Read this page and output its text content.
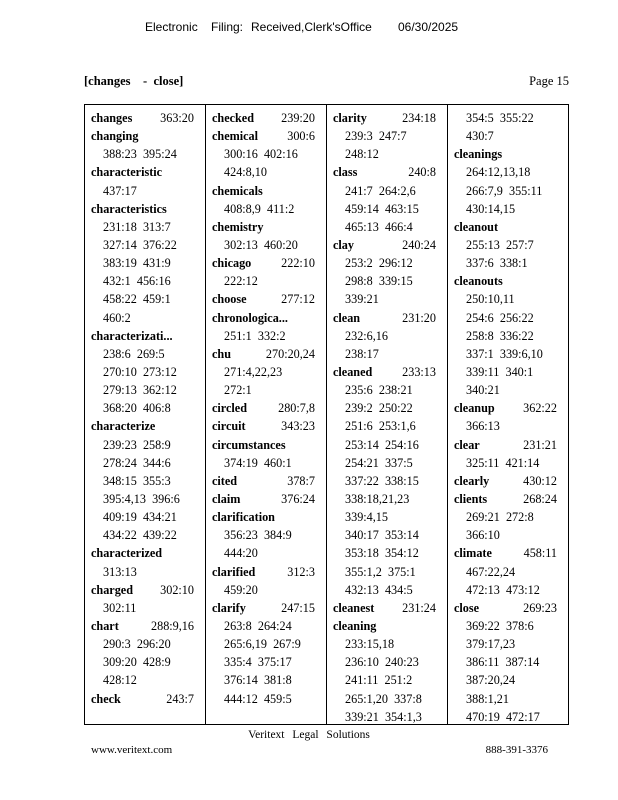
Electronic Filing: Received,Clerk'sOffice 06/30/2025
[changes    -  close]	Page 15
changes 363:20
changing
388:23  395:24
characteristic
437:17
characteristics
231:18  313:7
327:14  376:22
383:19  431:9
432:1  456:16
458:22  459:1
460:2
characterizati...
238:6  269:5
270:10  273:12
279:13  362:12
368:20  406:8
characterize
239:23  258:9
278:24  344:6
348:15  355:3
395:4,13  396:6
409:19  434:21
434:22  439:22
characterized
313:13
charged 302:10
302:11
chart	288:9,16
290:3  296:20
309:20  428:9
428:12
check	243:7
checked 239:20
chemical 300:6
300:16  402:16
424:8,10
chemicals
408:8,9  411:2
chemistry
302:13  460:20
chicago 222:10
222:12
choose	277:12
chronologica...
251:1  332:2
chu	270:20,24
271:4,22,23
272:1
circled	280:7,8
circuit	343:23
circumstances
374:19  460:1
cited	378:7
claim	376:24
clarification
356:23  384:9
444:20
clarified	312:3
459:20
clarify	247:15
263:8  264:24
265:6,19  267:9
335:4  375:17
376:14  381:8
444:12  459:5
clarity	234:18
239:3  247:7
248:12
class	240:8
241:7  264:2,6
459:14  463:15
465:13  466:4
clay	240:24
253:2  296:12
298:8  339:15
339:21
clean	231:20
232:6,16
238:17
cleaned 233:13
235:6  238:21
239:2  250:22
251:6  253:1,6
253:14  254:16
254:21  337:5
337:22  338:15
338:18,21,23
339:4,15
340:17  353:14
353:18  354:12
355:1,2  375:1
432:13  434:5
cleanest 231:24
cleaning
233:15,18
236:10  240:23
241:11  251:2
265:1,20  337:8
339:21  354:1,3
354:5  355:22
430:7
cleanings
264:12,13,18
266:7,9  355:11
430:14,15
cleanout
255:13  257:7
337:6  338:1
cleanouts
250:10,11
254:6  256:22
258:8  336:22
337:1  339:6,10
339:11  340:1
340:21
cleanup 362:22
366:13
clear	231:21
325:11  421:14
clearly	430:12
clients	268:24
269:21  272:8
366:10
climate	458:11
467:22,24
472:13  473:12
close	269:23
369:22  378:6
379:17,23
386:11  387:14
387:20,24
388:1,21
470:19  472:17
Veritext Legal Solutions
www.veritext.com	888-391-3376
